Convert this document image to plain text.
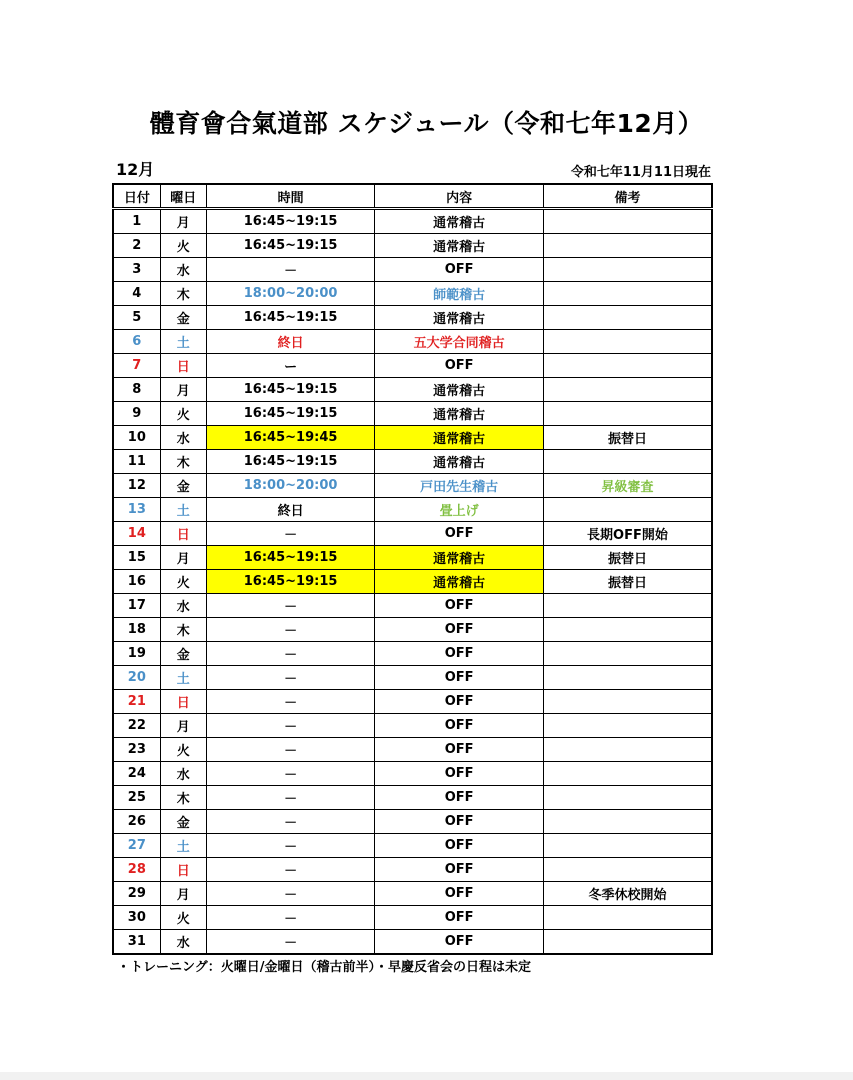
體育會合氣道部 スケジュール（令和七年12月）
12月	令和七年11月11日現在
日付	曜日	時間	内容	備考
1	月	16:45~19:15	通常稽古	
2	火	16:45~19:15	通常稽古	
3	水	－	OFF	
4	木	18:00~20:00	師範稽古	
5	金	16:45~19:15	通常稽古	
6	土	終日	五大学合同稽古	
7	日	ー	OFF	
8	月	16:45~19:15	通常稽古	
9	火	16:45~19:15	通常稽古	
10	水	16:45~19:45	通常稽古	振替日
11	木	16:45~19:15	通常稽古	
12	金	18:00~20:00	戸田先生稽古	昇級審査
13	土	終日	畳上げ	
14	日	－	OFF	長期OFF開始
15	月	16:45~19:15	通常稽古	振替日
16	火	16:45~19:15	通常稽古	振替日
17	水	－	OFF	
18	木	－	OFF	
19	金	－	OFF	
20	土	－	OFF	
21	日	－	OFF	
22	月	－	OFF	
23	火	－	OFF	
24	水	－	OFF	
25	木	－	OFF	
26	金	－	OFF	
27	土	－	OFF	
28	日	－	OFF	
29	月	－	OFF	冬季休校開始
30	火	－	OFF	
31	水	－	OFF	
・トレーニング：火曜日/金曜日（稽古前半）・早慶反省会の日程は未定
